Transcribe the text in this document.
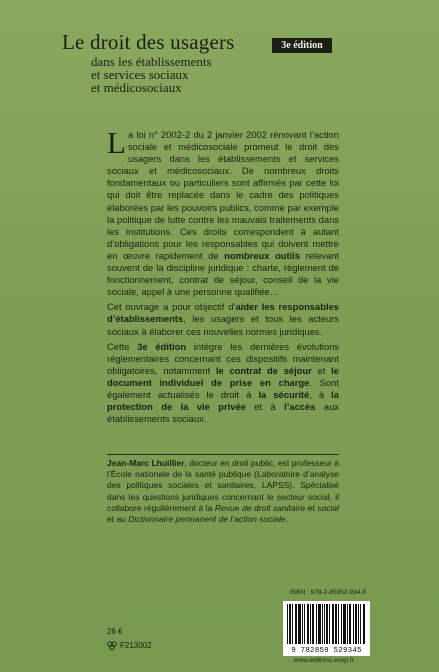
Le droit des usagers	3e édition
dans les établissements
et services sociaux
et médicosociaux

La loi n° 2002-2 du 2 janvier 2002 rénovant l’action sociale et médicosociale promeut le droit des usagers dans les établissements et services sociaux et médicosociaux. De nombreux droits fondamentaux ou particuliers sont affirmés par cette loi qui doit être replacée dans le cadre des politiques élaborées par les pouvoirs publics, comme par exemple la politique de lutte contre les mauvais traitements dans les institutions. Ces droits correspondent à autant d’obligations pour les responsables qui doivent mettre en œuvre rapidement de nombreux outils relevant souvent de la discipline juridique : charte, règlement de fonctionnement, contrat de séjour, conseil de la vie sociale, appel à une personne qualifiée…

Cet ouvrage a pour objectif d’aider les responsables d’établissements, les usagers et tous les acteurs sociaux à élaborer ces nouvelles normes juridiques.

Cette 3e édition intègre les dernières évolutions réglementaires concernant ces dispositifs maintenant obligatoires, notamment le contrat de séjour et le document individuel de prise en charge. Sont également actualisés le droit à la sécurité, à la protection de la vie privée et à l’accès aux établissements sociaux.

Jean-Marc Lhuillier, docteur en droit public, est professeur à l’École nationale de la santé publique (Laboratoire d’analyse des politiques sociales et sanitaires, LAPSS). Spécialisé dans les questions juridiques concernant le secteur social, il collabore régulièrement à la Revue de droit sanitaire et social et au Dictionnaire permanent de l’action sociale.
ISBN : 978-2-85952-934-5
9 782859 529345
26 €
F213002
www.editions.ensp.fr
